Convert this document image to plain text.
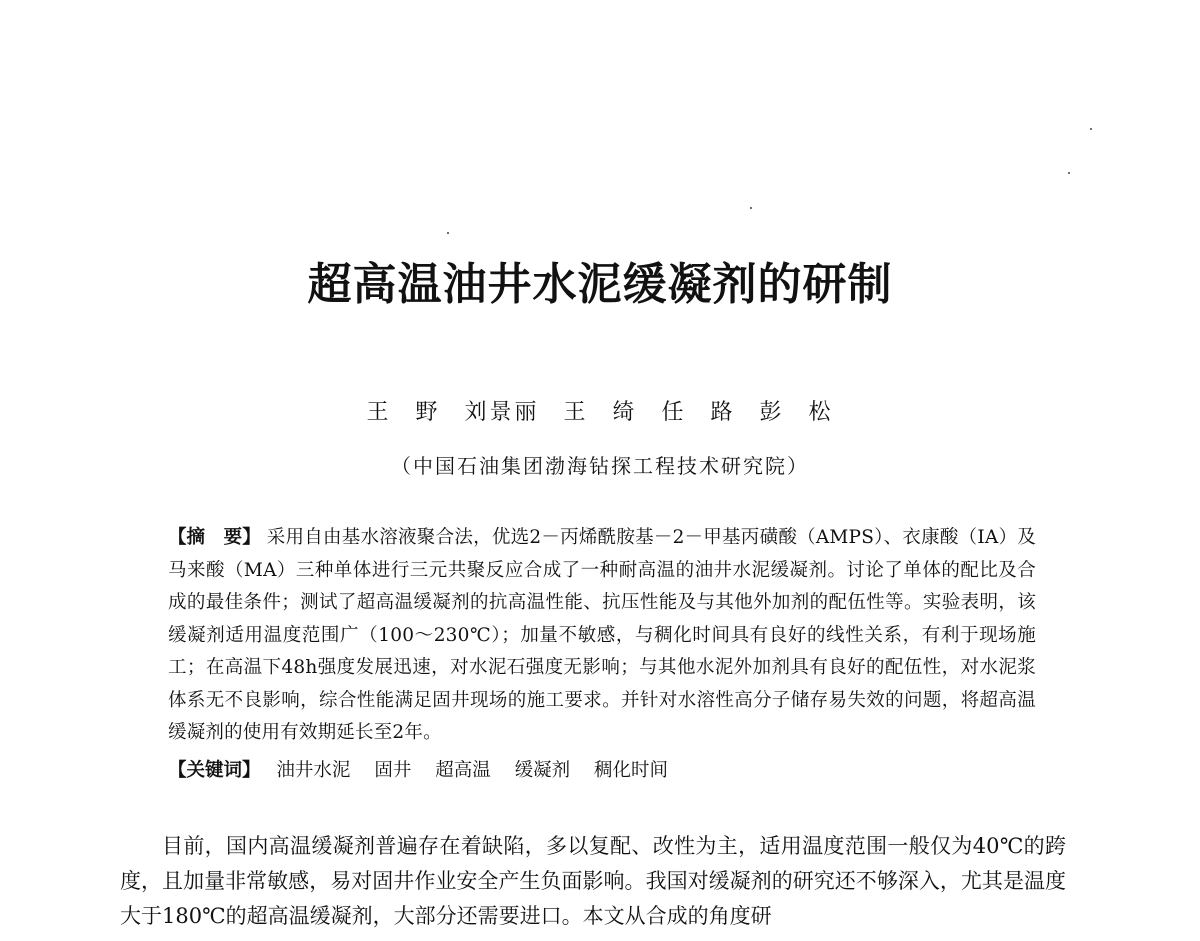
超高温油井水泥缓凝剂的研制
王 野 刘景丽 王 绮 任 路 彭 松
（中国石油集团渤海钻探工程技术研究院）
【摘　要】 采用自由基水溶液聚合法，优选2－丙烯酰胺基－2－甲基丙磺酸（AMPS）、衣康酸（IA）及马来酸（MA）三种单体进行三元共聚反应合成了一种耐高温的油井水泥缓凝剂。讨论了单体的配比及合成的最佳条件；测试了超高温缓凝剂的抗高温性能、抗压性能及与其他外加剂的配伍性等。实验表明，该缓凝剂适用温度范围广（100～230℃）；加量不敏感，与稠化时间具有良好的线性关系，有利于现场施工；在高温下48h强度发展迅速，对水泥石强度无影响；与其他水泥外加剂具有良好的配伍性，对水泥浆体系无不良影响，综合性能满足固井现场的施工要求。并针对水溶性高分子储存易失效的问题，将超高温缓凝剂的使用有效期延长至2年。
【关键词】 油井水泥 固井 超高温 缓凝剂 稠化时间

目前，国内高温缓凝剂普遍存在着缺陷，多以复配、改性为主，适用温度范围一般仅为40℃的跨度，且加量非常敏感，易对固井作业安全产生负面影响。我国对缓凝剂的研究还不够深入，尤其是温度大于180℃的超高温缓凝剂，大部分还需要进口。本文从合成的角度研
